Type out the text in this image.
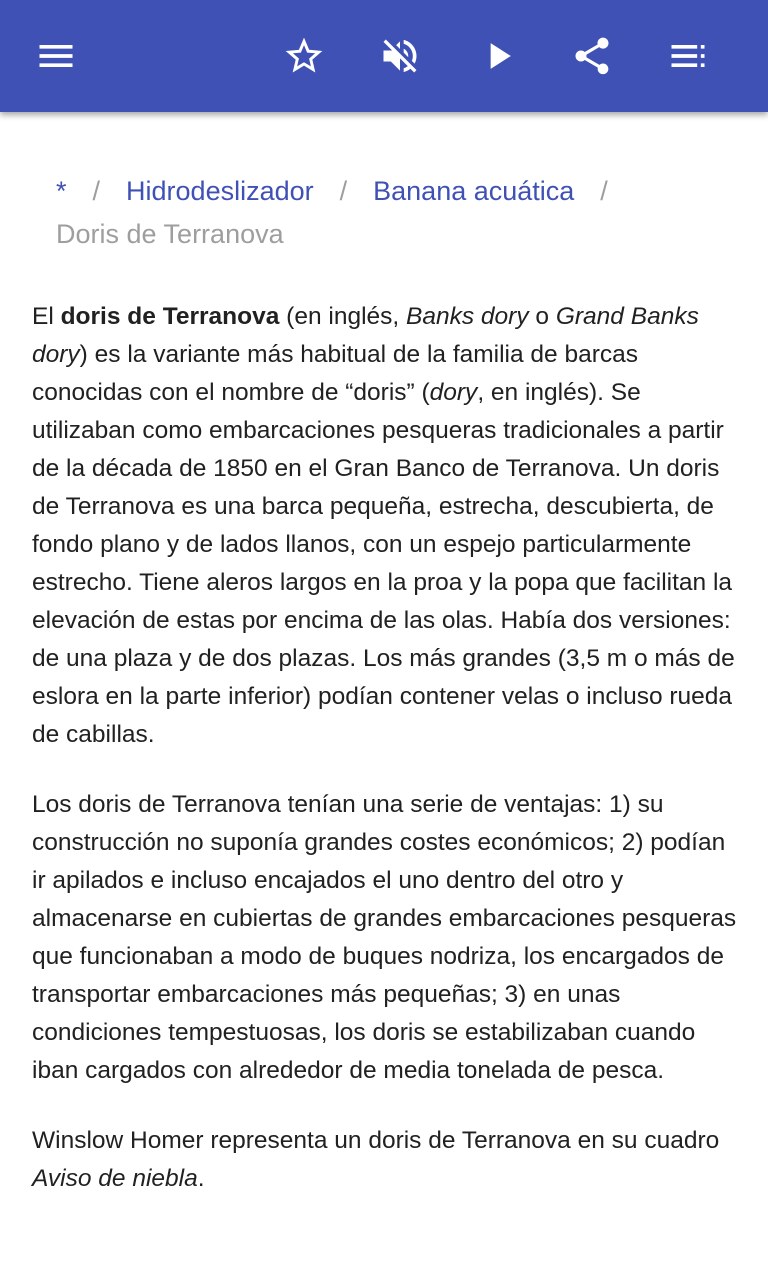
* / Hidrodeslizador / Banana acuática /
Doris de Terranova

El doris de Terranova (en inglés, Banks dory o Grand Banks dory) es la variante más habitual de la familia de barcas conocidas con el nombre de “doris” (dory, en inglés). Se utilizaban como embarcaciones pesqueras tradicionales a partir de la década de 1850 en el Gran Banco de Terranova. Un doris de Terranova es una barca pequeña, estrecha, descubierta, de fondo plano y de lados llanos, con un espejo particularmente estrecho. Tiene aleros largos en la proa y la popa que facilitan la elevación de estas por encima de las olas. Había dos versiones: de una plaza y de dos plazas. Los más grandes (3,5 m o más de eslora en la parte inferior) podían contener velas o incluso rueda de cabillas.

Los doris de Terranova tenían una serie de ventajas: 1) su construcción no suponía grandes costes económicos; 2) podían ir apilados e incluso encajados el uno dentro del otro y almacenarse en cubiertas de grandes embarcaciones pesqueras que funcionaban a modo de buques nodriza, los encargados de transportar embarcaciones más pequeñas; 3) en unas condiciones tempestuosas, los doris se estabilizaban cuando iban cargados con alrededor de media tonelada de pesca.

Winslow Homer representa un doris de Terranova en su cuadro Aviso de niebla.
